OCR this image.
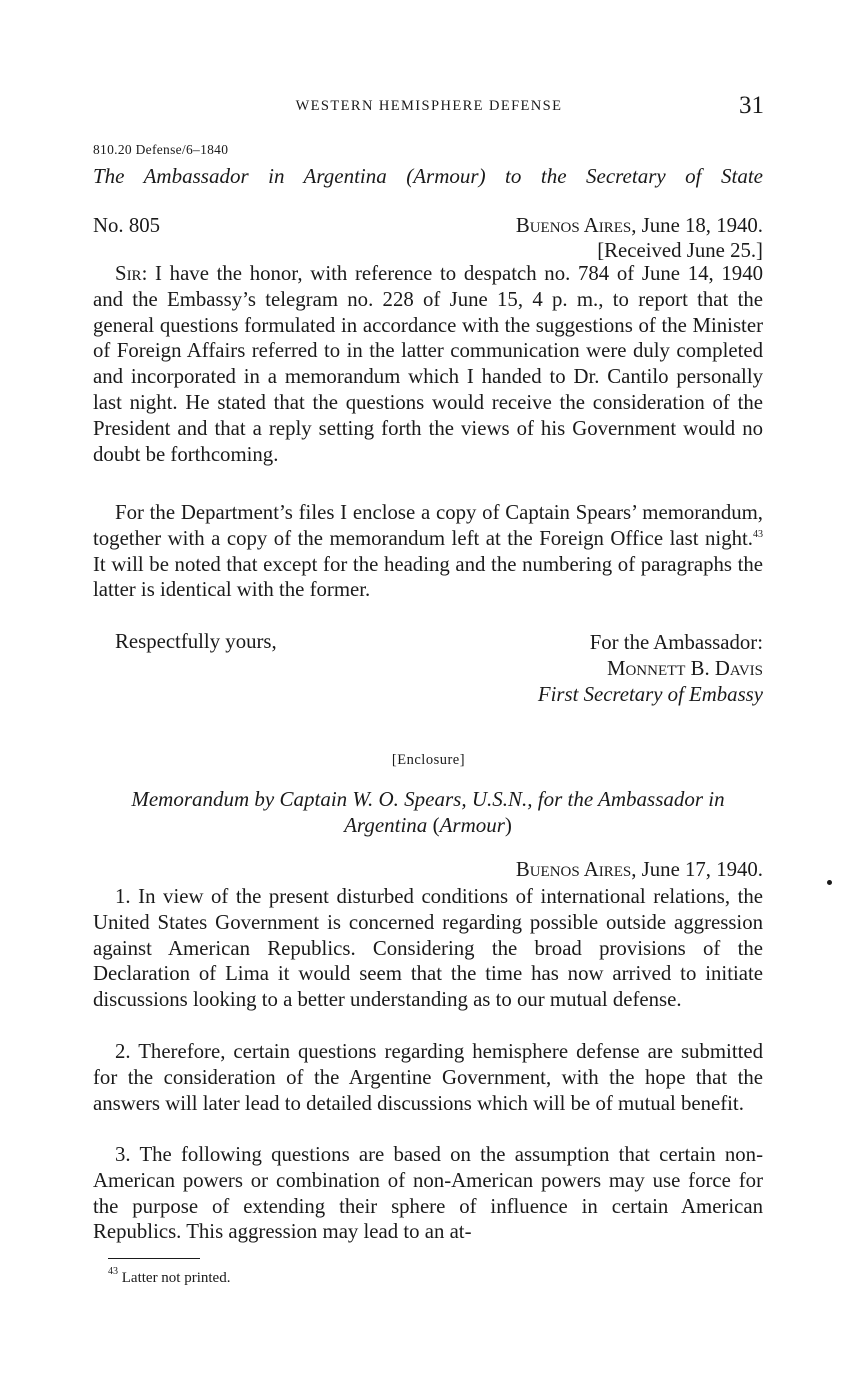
WESTERN HEMISPHERE DEFENSE	31
810.20 Defense/6–1840
The Ambassador in Argentina (Armour) to the Secretary of State
No. 805	Buenos Aires, June 18, 1940.
[Received June 25.]

Sir: I have the honor, with reference to despatch no. 784 of June 14, 1940 and the Embassy’s telegram no. 228 of June 15, 4 p. m., to report that the general questions formulated in accordance with the suggestions of the Minister of Foreign Affairs referred to in the latter communication were duly completed and incorporated in a memorandum which I handed to Dr. Cantilo personally last night. He stated that the questions would receive the consideration of the President and that a reply setting forth the views of his Government would no doubt be forthcoming.

For the Department’s files I enclose a copy of Captain Spears’ memorandum, together with a copy of the memorandum left at the Foreign Office last night.$^{43}$ It will be noted that except for the heading and the numbering of paragraphs the latter is identical with the former.

Respectfully yours,	For the Ambassador:
Monnett B. Davis
First Secretary of Embassy
[Enclosure]
Memorandum by Captain W. O. Spears, U.S.N., for the Ambassador in Argentina (Armour)
Buenos Aires, June 17, 1940.

1. In view of the present disturbed conditions of international relations, the United States Government is concerned regarding possible outside aggression against American Republics. Considering the broad provisions of the Declaration of Lima it would seem that the time has now arrived to initiate discussions looking to a better understanding as to our mutual defense.

2. Therefore, certain questions regarding hemisphere defense are submitted for the consideration of the Argentine Government, with the hope that the answers will later lead to detailed discussions which will be of mutual benefit.

3. The following questions are based on the assumption that certain non-American powers or combination of non-American powers may use force for the purpose of extending their sphere of influence in certain American Republics. This aggression may lead to an at-

$^{43}$ Latter not printed.
